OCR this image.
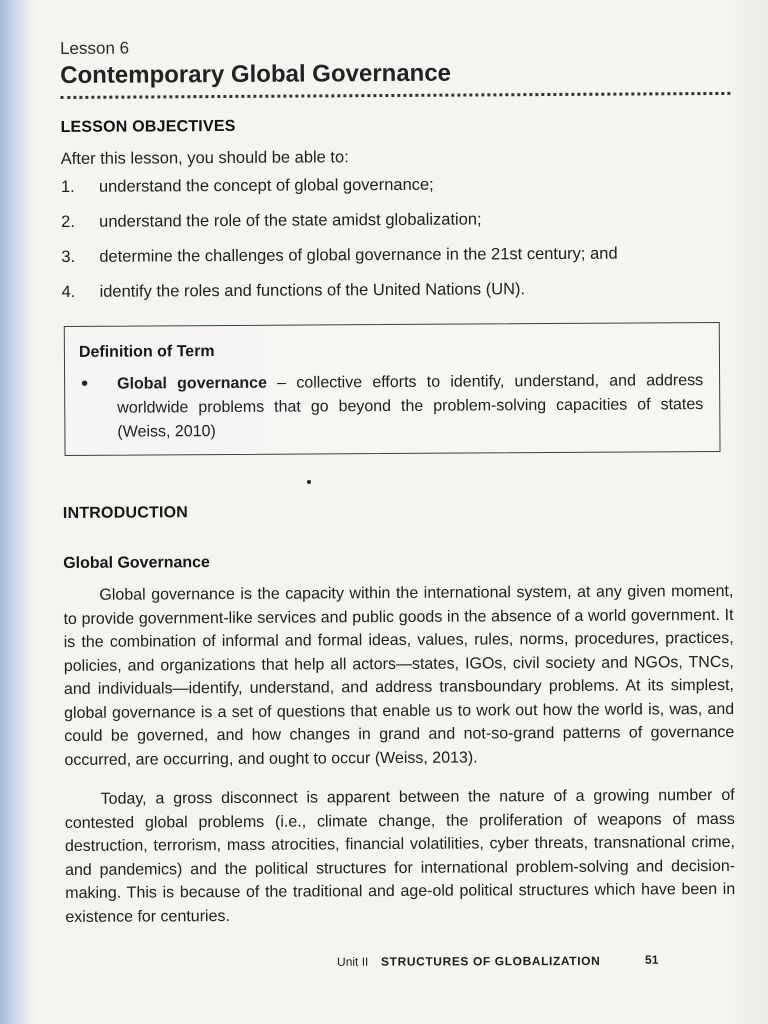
Lesson 6
Contemporary Global Governance
LESSON OBJECTIVES
After this lesson, you should be able to:
1.	understand the concept of global governance;
2.	understand the role of the state amidst globalization;
3.	determine the challenges of global governance in the 21st century; and
4.	identify the roles and functions of the United Nations (UN).
Definition of Term
•	Global governance – collective efforts to identify, understand, and address worldwide problems that go beyond the problem-solving capacities of states (Weiss, 2010)
INTRODUCTION
Global Governance

Global governance is the capacity within the international system, at any given moment, to provide government-like services and public goods in the absence of a world government. It is the combination of informal and formal ideas, values, rules, norms, procedures, practices, policies, and organizations that help all actors—states, IGOs, civil society and NGOs, TNCs, and individuals—identify, understand, and address transboundary problems. At its simplest, global governance is a set of questions that enable us to work out how the world is, was, and could be governed, and how changes in grand and not-so-grand patterns of governance occurred, are occurring, and ought to occur (Weiss, 2013).

Today, a gross disconnect is apparent between the nature of a growing number of contested global problems (i.e., climate change, the proliferation of weapons of mass destruction, terrorism, mass atrocities, financial volatilities, cyber threats, transnational crime, and pandemics) and the political structures for international problem-solving and decision-making. This is because of the traditional and age-old political structures which have been in existence for centuries.

Unit II STRUCTURES OF GLOBALIZATION	51
